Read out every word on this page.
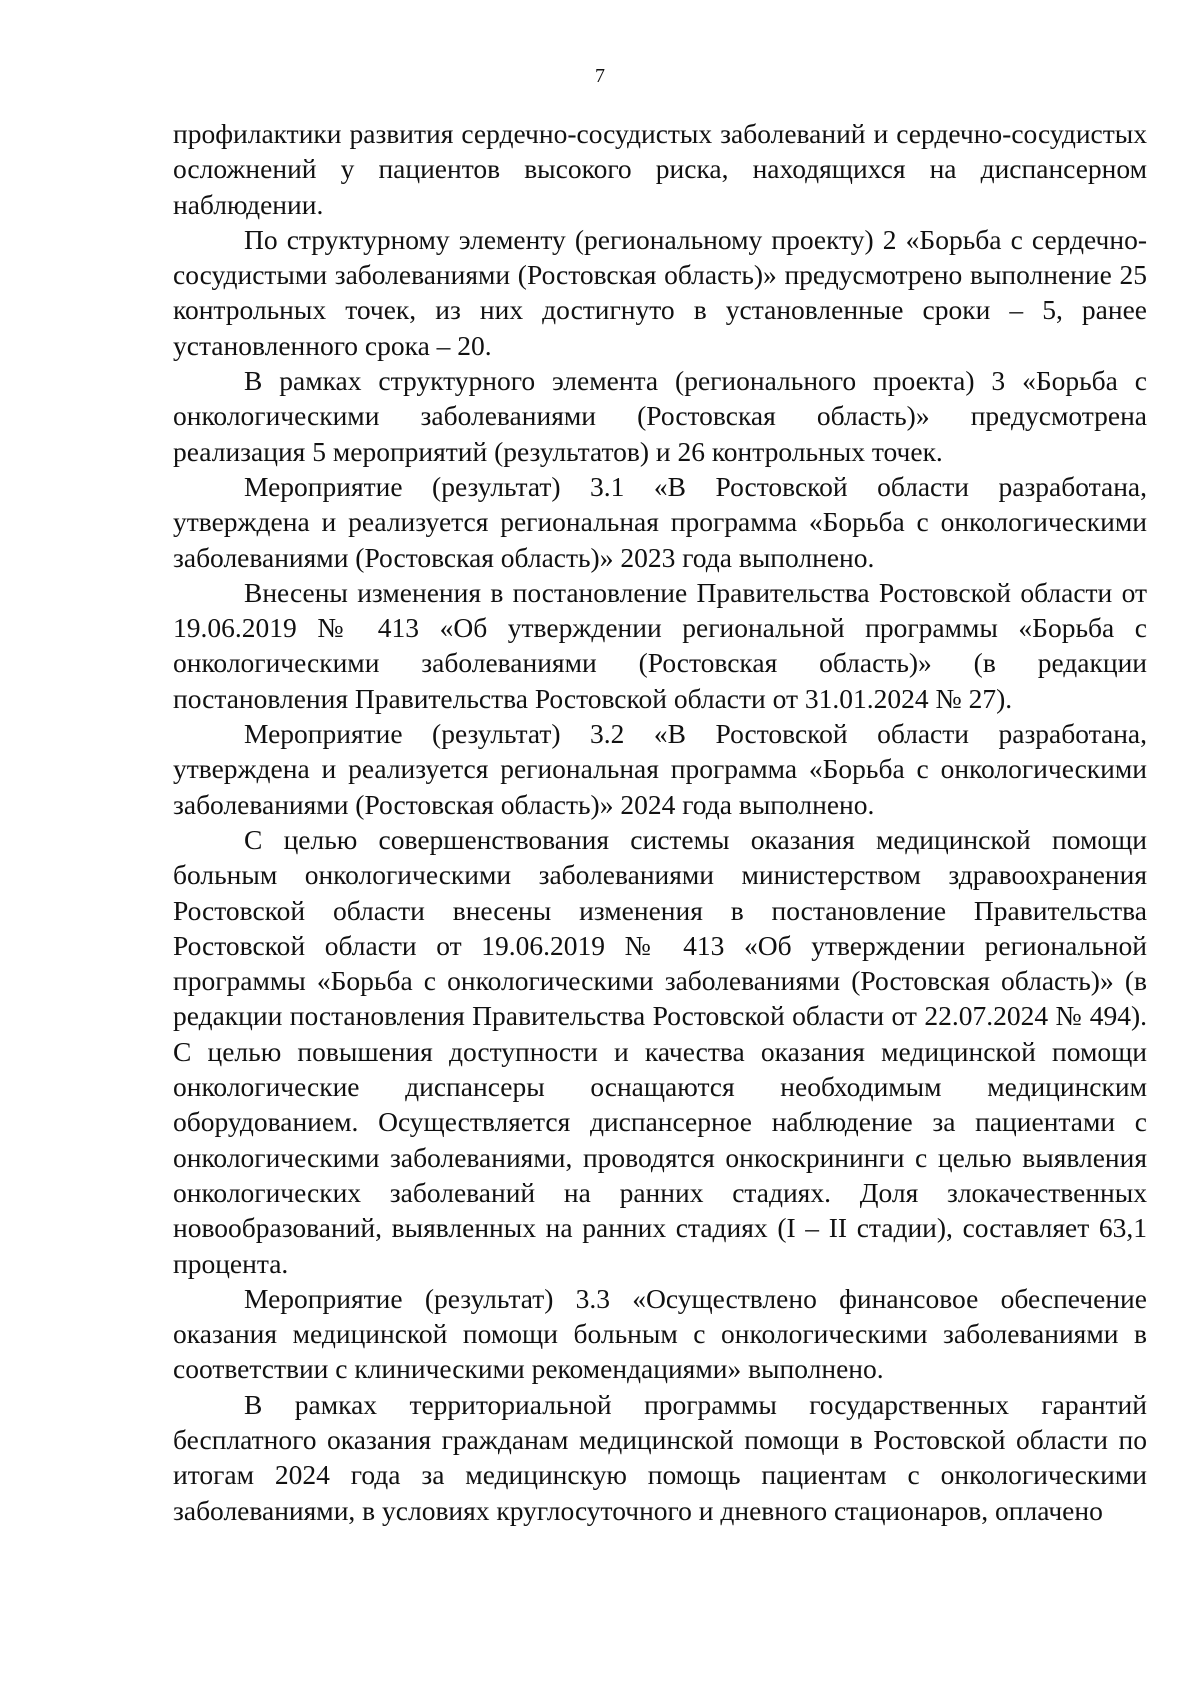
7

профилактики развития сердечно-сосудистых заболеваний и сердечно-сосудистых осложнений у пациентов высокого риска, находящихся на диспансерном наблюдении.

По структурному элементу (региональному проекту) 2 «Борьба с сердечно-сосудистыми заболеваниями (Ростовская область)» предусмотрено выполнение 25 контрольных точек, из них достигнуто в установленные сроки – 5, ранее установленного срока – 20.

В рамках структурного элемента (регионального проекта) 3 «Борьба с онкологическими заболеваниями (Ростовская область)» предусмотрена реализация 5 мероприятий (результатов) и 26 контрольных точек.

Мероприятие (результат) 3.1 «В Ростовской области разработана, утверждена и реализуется региональная программа «Борьба с онкологическими заболеваниями (Ростовская область)» 2023 года выполнено.

Внесены изменения в постановление Правительства Ростовской области от 19.06.2019 № 413 «Об утверждении региональной программы «Борьба с онкологическими заболеваниями (Ростовская область)» (в редакции постановления Правительства Ростовской области от 31.01.2024 № 27).

Мероприятие (результат) 3.2 «В Ростовской области разработана, утверждена и реализуется региональная программа «Борьба с онкологическими заболеваниями (Ростовская область)» 2024 года выполнено.

С целью совершенствования системы оказания медицинской помощи больным онкологическими заболеваниями министерством здравоохранения Ростовской области внесены изменения в постановление Правительства Ростовской области от 19.06.2019 № 413 «Об утверждении региональной программы «Борьба с онкологическими заболеваниями (Ростовская область)» (в редакции постановления Правительства Ростовской области от 22.07.2024 № 494). С целью повышения доступности и качества оказания медицинской помощи онкологические диспансеры оснащаются необходимым медицинским оборудованием. Осуществляется диспансерное наблюдение за пациентами с онкологическими заболеваниями, проводятся онкоскрининги с целью выявления онкологических заболеваний на ранних стадиях. Доля злокачественных новообразований, выявленных на ранних стадиях (I – II стадии), составляет 63,1 процента.

Мероприятие (результат) 3.3 «Осуществлено финансовое обеспечение оказания медицинской помощи больным с онкологическими заболеваниями в соответствии с клиническими рекомендациями» выполнено.

В рамках территориальной программы государственных гарантий бесплатного оказания гражданам медицинской помощи в Ростовской области по итогам 2024 года за медицинскую помощь пациентам с онкологическими заболеваниями, в условиях круглосуточного и дневного стационаров, оплачено
